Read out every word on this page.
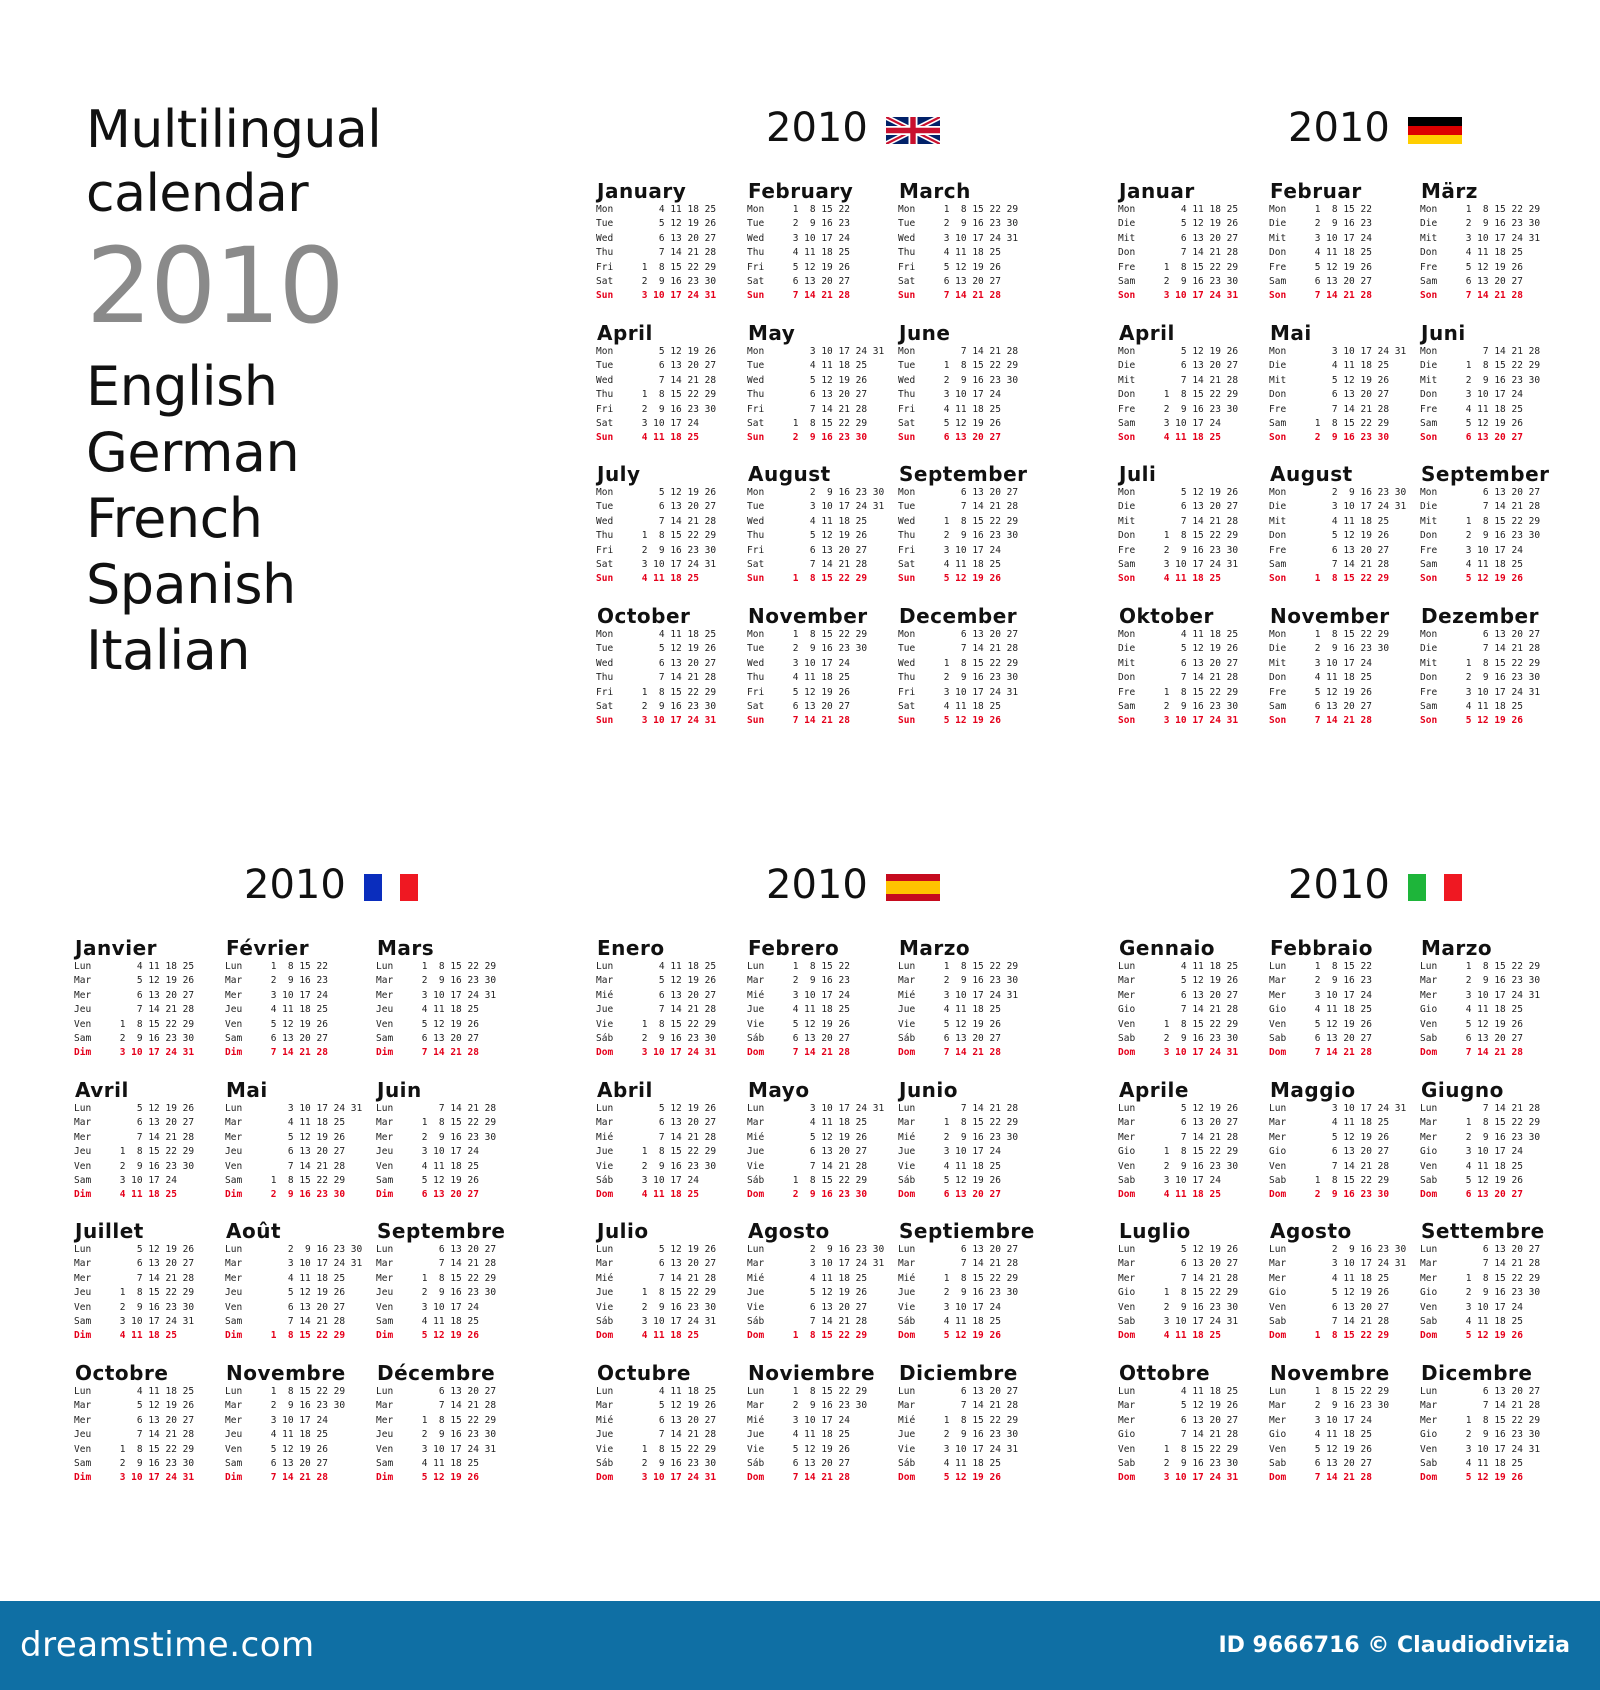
Multilingual
calendar
2010
English
German
French
Spanish
Italian
2010
January
Mon	4 11 18 25
Tue	5 12 19 26
Wed	6 13 20 27
Thu	7 14 21 28
Fri	1  8 15 22 29
Sat	2  9 16 23 30
Sun	3 10 17 24 31
February
Mon	1  8 15 22
Tue	2  9 16 23
Wed	3 10 17 24
Thu	4 11 18 25
Fri	5 12 19 26
Sat	6 13 20 27
Sun	7 14 21 28
March
Mon	1  8 15 22 29
Tue	2  9 16 23 30
Wed	3 10 17 24 31
Thu	4 11 18 25
Fri	5 12 19 26
Sat	6 13 20 27
Sun	7 14 21 28
April
Mon	5 12 19 26
Tue	6 13 20 27
Wed	7 14 21 28
Thu	1  8 15 22 29
Fri	2  9 16 23 30
Sat	3 10 17 24
Sun	4 11 18 25
May
Mon	3 10 17 24 31
Tue	4 11 18 25
Wed	5 12 19 26
Thu	6 13 20 27
Fri	7 14 21 28
Sat	1  8 15 22 29
Sun	2  9 16 23 30
June
Mon	7 14 21 28
Tue	1  8 15 22 29
Wed	2  9 16 23 30
Thu	3 10 17 24
Fri	4 11 18 25
Sat	5 12 19 26
Sun	6 13 20 27
July
Mon	5 12 19 26
Tue	6 13 20 27
Wed	7 14 21 28
Thu	1  8 15 22 29
Fri	2  9 16 23 30
Sat	3 10 17 24 31
Sun	4 11 18 25
August
Mon	2  9 16 23 30
Tue	3 10 17 24 31
Wed	4 11 18 25
Thu	5 12 19 26
Fri	6 13 20 27
Sat	7 14 21 28
Sun	1  8 15 22 29
September
Mon	6 13 20 27
Tue	7 14 21 28
Wed	1  8 15 22 29
Thu	2  9 16 23 30
Fri	3 10 17 24
Sat	4 11 18 25
Sun	5 12 19 26
October
Mon	4 11 18 25
Tue	5 12 19 26
Wed	6 13 20 27
Thu	7 14 21 28
Fri	1  8 15 22 29
Sat	2  9 16 23 30
Sun	3 10 17 24 31
November
Mon	1  8 15 22 29
Tue	2  9 16 23 30
Wed	3 10 17 24
Thu	4 11 18 25
Fri	5 12 19 26
Sat	6 13 20 27
Sun	7 14 21 28
December
Mon	6 13 20 27
Tue	7 14 21 28
Wed	1  8 15 22 29
Thu	2  9 16 23 30
Fri	3 10 17 24 31
Sat	4 11 18 25
Sun	5 12 19 26
2010
Januar
Mon	4 11 18 25
Die	5 12 19 26
Mit	6 13 20 27
Don	7 14 21 28
Fre	1  8 15 22 29
Sam	2  9 16 23 30
Son	3 10 17 24 31
Februar
Mon	1  8 15 22
Die	2  9 16 23
Mit	3 10 17 24
Don	4 11 18 25
Fre	5 12 19 26
Sam	6 13 20 27
Son	7 14 21 28
März
Mon	1  8 15 22 29
Die	2  9 16 23 30
Mit	3 10 17 24 31
Don	4 11 18 25
Fre	5 12 19 26
Sam	6 13 20 27
Son	7 14 21 28
April
Mon	5 12 19 26
Die	6 13 20 27
Mit	7 14 21 28
Don	1  8 15 22 29
Fre	2  9 16 23 30
Sam	3 10 17 24
Son	4 11 18 25
Mai
Mon	3 10 17 24 31
Die	4 11 18 25
Mit	5 12 19 26
Don	6 13 20 27
Fre	7 14 21 28
Sam	1  8 15 22 29
Son	2  9 16 23 30
Juni
Mon	7 14 21 28
Die	1  8 15 22 29
Mit	2  9 16 23 30
Don	3 10 17 24
Fre	4 11 18 25
Sam	5 12 19 26
Son	6 13 20 27
Juli
Mon	5 12 19 26
Die	6 13 20 27
Mit	7 14 21 28
Don	1  8 15 22 29
Fre	2  9 16 23 30
Sam	3 10 17 24 31
Son	4 11 18 25
August
Mon	2  9 16 23 30
Die	3 10 17 24 31
Mit	4 11 18 25
Don	5 12 19 26
Fre	6 13 20 27
Sam	7 14 21 28
Son	1  8 15 22 29
September
Mon	6 13 20 27
Die	7 14 21 28
Mit	1  8 15 22 29
Don	2  9 16 23 30
Fre	3 10 17 24
Sam	4 11 18 25
Son	5 12 19 26
Oktober
Mon	4 11 18 25
Die	5 12 19 26
Mit	6 13 20 27
Don	7 14 21 28
Fre	1  8 15 22 29
Sam	2  9 16 23 30
Son	3 10 17 24 31
November
Mon	1  8 15 22 29
Die	2  9 16 23 30
Mit	3 10 17 24
Don	4 11 18 25
Fre	5 12 19 26
Sam	6 13 20 27
Son	7 14 21 28
Dezember
Mon	6 13 20 27
Die	7 14 21 28
Mit	1  8 15 22 29
Don	2  9 16 23 30
Fre	3 10 17 24 31
Sam	4 11 18 25
Son	5 12 19 26
2010
Janvier
Lun	4 11 18 25
Mar	5 12 19 26
Mer	6 13 20 27
Jeu	7 14 21 28
Ven	1  8 15 22 29
Sam	2  9 16 23 30
Dim	3 10 17 24 31
Février
Lun	1  8 15 22
Mar	2  9 16 23
Mer	3 10 17 24
Jeu	4 11 18 25
Ven	5 12 19 26
Sam	6 13 20 27
Dim	7 14 21 28
Mars
Lun	1  8 15 22 29
Mar	2  9 16 23 30
Mer	3 10 17 24 31
Jeu	4 11 18 25
Ven	5 12 19 26
Sam	6 13 20 27
Dim	7 14 21 28
Avril
Lun	5 12 19 26
Mar	6 13 20 27
Mer	7 14 21 28
Jeu	1  8 15 22 29
Ven	2  9 16 23 30
Sam	3 10 17 24
Dim	4 11 18 25
Mai
Lun	3 10 17 24 31
Mar	4 11 18 25
Mer	5 12 19 26
Jeu	6 13 20 27
Ven	7 14 21 28
Sam	1  8 15 22 29
Dim	2  9 16 23 30
Juin
Lun	7 14 21 28
Mar	1  8 15 22 29
Mer	2  9 16 23 30
Jeu	3 10 17 24
Ven	4 11 18 25
Sam	5 12 19 26
Dim	6 13 20 27
Juillet
Lun	5 12 19 26
Mar	6 13 20 27
Mer	7 14 21 28
Jeu	1  8 15 22 29
Ven	2  9 16 23 30
Sam	3 10 17 24 31
Dim	4 11 18 25
Août
Lun	2  9 16 23 30
Mar	3 10 17 24 31
Mer	4 11 18 25
Jeu	5 12 19 26
Ven	6 13 20 27
Sam	7 14 21 28
Dim	1  8 15 22 29
Septembre
Lun	6 13 20 27
Mar	7 14 21 28
Mer	1  8 15 22 29
Jeu	2  9 16 23 30
Ven	3 10 17 24
Sam	4 11 18 25
Dim	5 12 19 26
Octobre
Lun	4 11 18 25
Mar	5 12 19 26
Mer	6 13 20 27
Jeu	7 14 21 28
Ven	1  8 15 22 29
Sam	2  9 16 23 30
Dim	3 10 17 24 31
Novembre
Lun	1  8 15 22 29
Mar	2  9 16 23 30
Mer	3 10 17 24
Jeu	4 11 18 25
Ven	5 12 19 26
Sam	6 13 20 27
Dim	7 14 21 28
Décembre
Lun	6 13 20 27
Mar	7 14 21 28
Mer	1  8 15 22 29
Jeu	2  9 16 23 30
Ven	3 10 17 24 31
Sam	4 11 18 25
Dim	5 12 19 26
2010
Enero
Lun	4 11 18 25
Mar	5 12 19 26
Mié	6 13 20 27
Jue	7 14 21 28
Vie	1  8 15 22 29
Sáb	2  9 16 23 30
Dom	3 10 17 24 31
Febrero
Lun	1  8 15 22
Mar	2  9 16 23
Mié	3 10 17 24
Jue	4 11 18 25
Vie	5 12 19 26
Sáb	6 13 20 27
Dom	7 14 21 28
Marzo
Lun	1  8 15 22 29
Mar	2  9 16 23 30
Mié	3 10 17 24 31
Jue	4 11 18 25
Vie	5 12 19 26
Sáb	6 13 20 27
Dom	7 14 21 28
Abril
Lun	5 12 19 26
Mar	6 13 20 27
Mié	7 14 21 28
Jue	1  8 15 22 29
Vie	2  9 16 23 30
Sáb	3 10 17 24
Dom	4 11 18 25
Mayo
Lun	3 10 17 24 31
Mar	4 11 18 25
Mié	5 12 19 26
Jue	6 13 20 27
Vie	7 14 21 28
Sáb	1  8 15 22 29
Dom	2  9 16 23 30
Junio
Lun	7 14 21 28
Mar	1  8 15 22 29
Mié	2  9 16 23 30
Jue	3 10 17 24
Vie	4 11 18 25
Sáb	5 12 19 26
Dom	6 13 20 27
Julio
Lun	5 12 19 26
Mar	6 13 20 27
Mié	7 14 21 28
Jue	1  8 15 22 29
Vie	2  9 16 23 30
Sáb	3 10 17 24 31
Dom	4 11 18 25
Agosto
Lun	2  9 16 23 30
Mar	3 10 17 24 31
Mié	4 11 18 25
Jue	5 12 19 26
Vie	6 13 20 27
Sáb	7 14 21 28
Dom	1  8 15 22 29
Septiembre
Lun	6 13 20 27
Mar	7 14 21 28
Mié	1  8 15 22 29
Jue	2  9 16 23 30
Vie	3 10 17 24
Sáb	4 11 18 25
Dom	5 12 19 26
Octubre
Lun	4 11 18 25
Mar	5 12 19 26
Mié	6 13 20 27
Jue	7 14 21 28
Vie	1  8 15 22 29
Sáb	2  9 16 23 30
Dom	3 10 17 24 31
Noviembre
Lun	1  8 15 22 29
Mar	2  9 16 23 30
Mié	3 10 17 24
Jue	4 11 18 25
Vie	5 12 19 26
Sáb	6 13 20 27
Dom	7 14 21 28
Diciembre
Lun	6 13 20 27
Mar	7 14 21 28
Mié	1  8 15 22 29
Jue	2  9 16 23 30
Vie	3 10 17 24 31
Sáb	4 11 18 25
Dom	5 12 19 26
2010
Gennaio
Lun	4 11 18 25
Mar	5 12 19 26
Mer	6 13 20 27
Gio	7 14 21 28
Ven	1  8 15 22 29
Sab	2  9 16 23 30
Dom	3 10 17 24 31
Febbraio
Lun	1  8 15 22
Mar	2  9 16 23
Mer	3 10 17 24
Gio	4 11 18 25
Ven	5 12 19 26
Sab	6 13 20 27
Dom	7 14 21 28
Marzo
Lun	1  8 15 22 29
Mar	2  9 16 23 30
Mer	3 10 17 24 31
Gio	4 11 18 25
Ven	5 12 19 26
Sab	6 13 20 27
Dom	7 14 21 28
Aprile
Lun	5 12 19 26
Mar	6 13 20 27
Mer	7 14 21 28
Gio	1  8 15 22 29
Ven	2  9 16 23 30
Sab	3 10 17 24
Dom	4 11 18 25
Maggio
Lun	3 10 17 24 31
Mar	4 11 18 25
Mer	5 12 19 26
Gio	6 13 20 27
Ven	7 14 21 28
Sab	1  8 15 22 29
Dom	2  9 16 23 30
Giugno
Lun	7 14 21 28
Mar	1  8 15 22 29
Mer	2  9 16 23 30
Gio	3 10 17 24
Ven	4 11 18 25
Sab	5 12 19 26
Dom	6 13 20 27
Luglio
Lun	5 12 19 26
Mar	6 13 20 27
Mer	7 14 21 28
Gio	1  8 15 22 29
Ven	2  9 16 23 30
Sab	3 10 17 24 31
Dom	4 11 18 25
Agosto
Lun	2  9 16 23 30
Mar	3 10 17 24 31
Mer	4 11 18 25
Gio	5 12 19 26
Ven	6 13 20 27
Sab	7 14 21 28
Dom	1  8 15 22 29
Settembre
Lun	6 13 20 27
Mar	7 14 21 28
Mer	1  8 15 22 29
Gio	2  9 16 23 30
Ven	3 10 17 24
Sab	4 11 18 25
Dom	5 12 19 26
Ottobre
Lun	4 11 18 25
Mar	5 12 19 26
Mer	6 13 20 27
Gio	7 14 21 28
Ven	1  8 15 22 29
Sab	2  9 16 23 30
Dom	3 10 17 24 31
Novembre
Lun	1  8 15 22 29
Mar	2  9 16 23 30
Mer	3 10 17 24
Gio	4 11 18 25
Ven	5 12 19 26
Sab	6 13 20 27
Dom	7 14 21 28
Dicembre
Lun	6 13 20 27
Mar	7 14 21 28
Mer	1  8 15 22 29
Gio	2  9 16 23 30
Ven	3 10 17 24 31
Sab	4 11 18 25
Dom	5 12 19 26
dreamstime.com	ID 9666716 © Claudiodivizia
